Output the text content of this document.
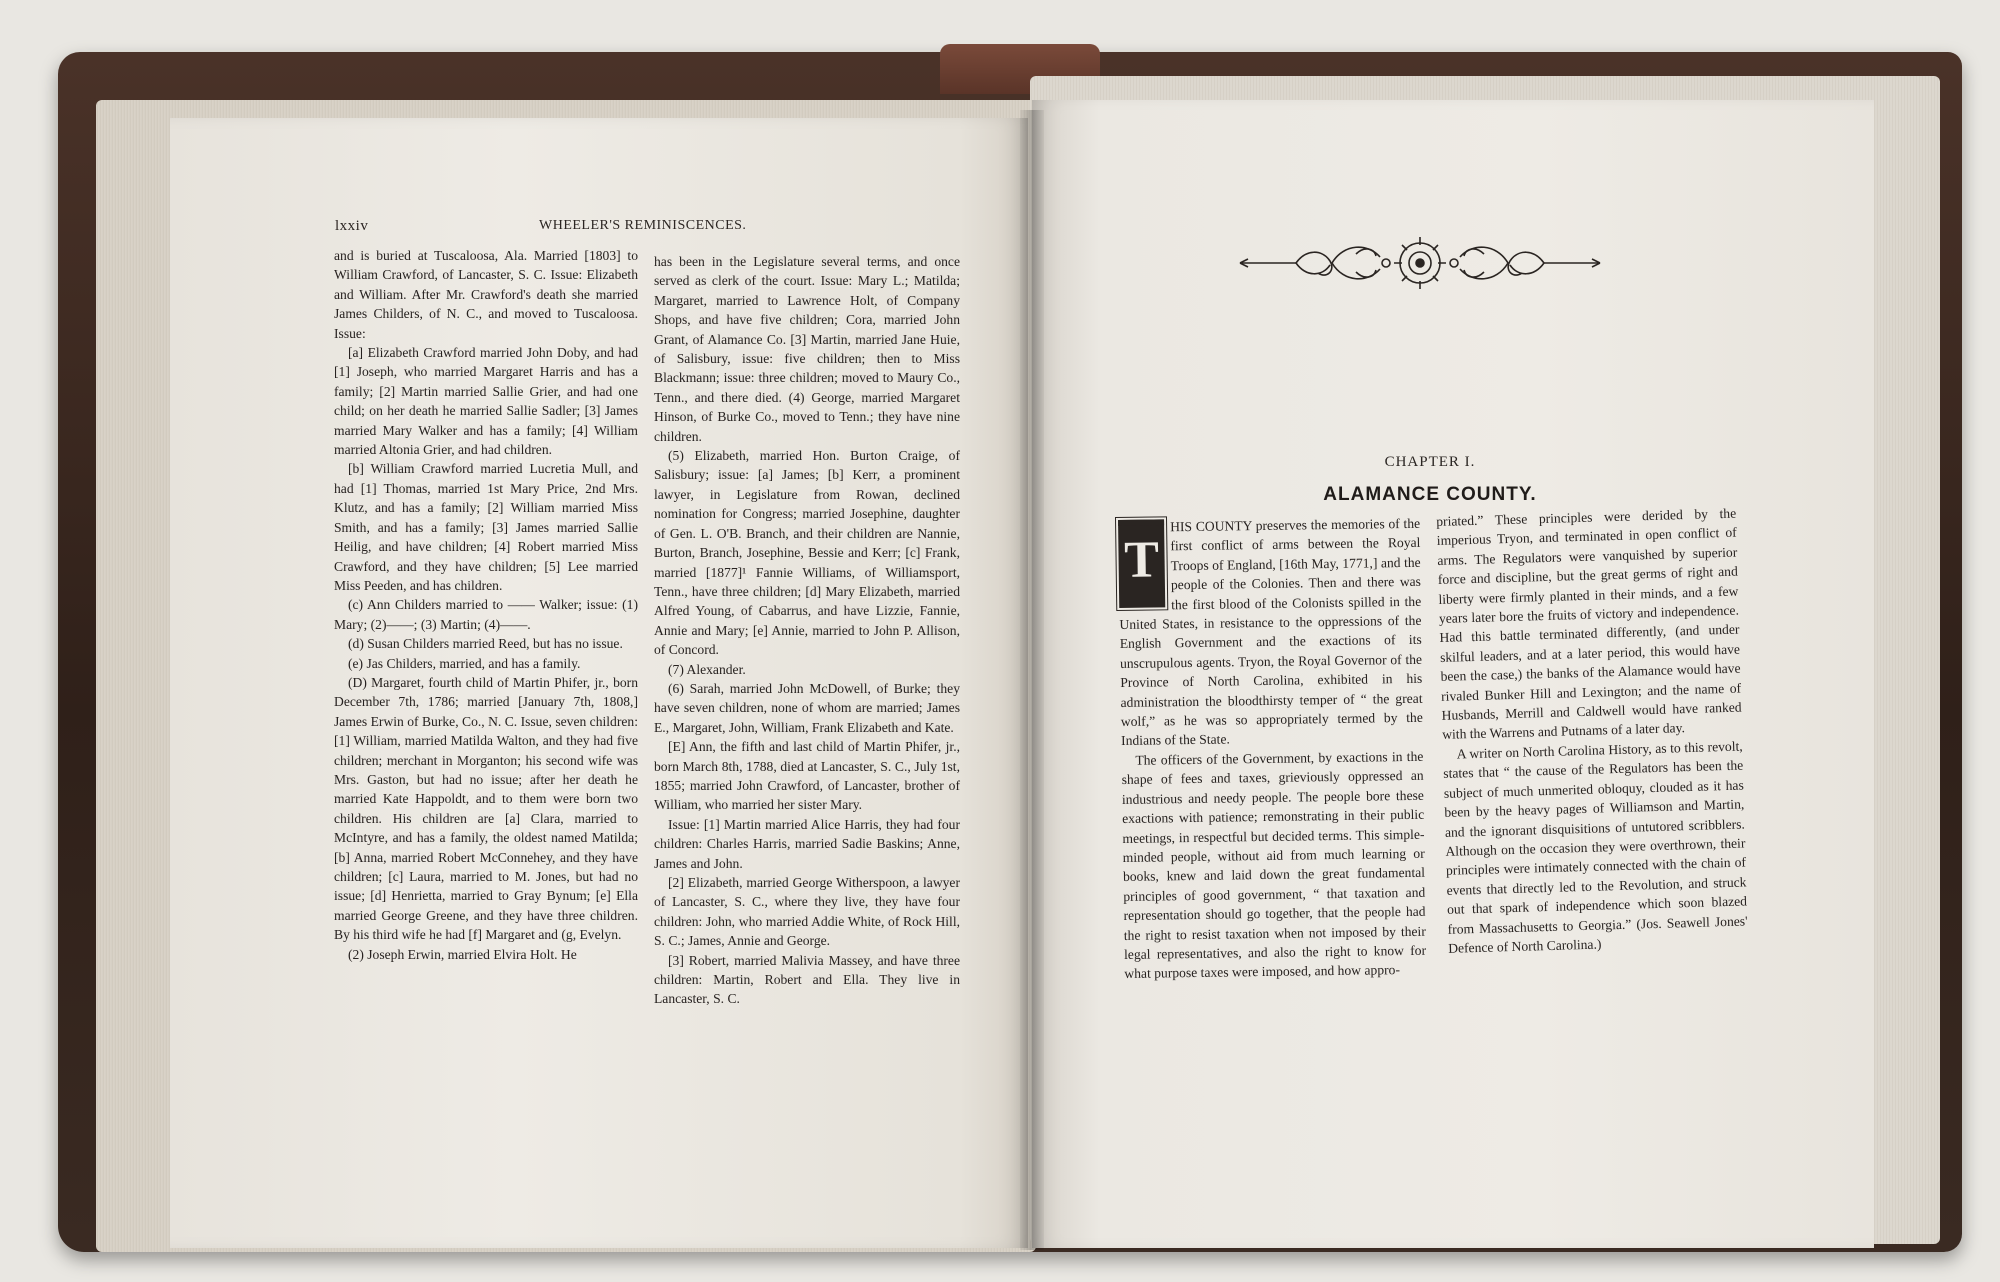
lxxiv	WHEELER'S REMINISCENCES.

and is buried at Tuscaloosa, Ala. Married [1803] to William Crawford, of Lancaster, S. C. Issue: Elizabeth and William. After Mr. Crawford's death she married James Childers, of N. C., and moved to Tuscaloosa. Issue:

[a] Elizabeth Crawford married John Doby, and had [1] Joseph, who married Margaret Harris and has a family; [2] Martin married Sallie Grier, and had one child; on her death he married Sallie Sadler; [3] James married Mary Walker and has a family; [4] William married Altonia Grier, and had children.

[b] William Crawford married Lucretia Mull, and had [1] Thomas, married 1st Mary Price, 2nd Mrs. Klutz, and has a family; [2] William married Miss Smith, and has a family; [3] James married Sallie Heilig, and have children; [4] Robert married Miss Crawford, and they have children; [5] Lee married Miss Peeden, and has children.

(c) Ann Childers married to —— Walker; issue: (1) Mary; (2)——; (3) Martin; (4)——.

(d) Susan Childers married Reed, but has no issue.

(e) Jas Childers, married, and has a family.

(D) Margaret, fourth child of Martin Phifer, jr., born December 7th, 1786; married [January 7th, 1808,] James Erwin of Burke, Co., N. C. Issue, seven children: [1] William, married Matilda Walton, and they had five children; merchant in Morganton; his second wife was Mrs. Gaston, but had no issue; after her death he married Kate Happoldt, and to them were born two children. His children are [a] Clara, married to McIntyre, and has a family, the oldest named Matilda; [b] Anna, married Robert McConnehey, and they have children; [c] Laura, married to M. Jones, but had no issue; [d] Henrietta, married to Gray Bynum; [e] Ella married George Greene, and they have three children. By his third wife he had [f] Margaret and (g, Evelyn.

(2) Joseph Erwin, married Elvira Holt. He

has been in the Legislature several terms, and once served as clerk of the court. Issue: Mary L.; Matilda; Margaret, married to Lawrence Holt, of Company Shops, and have five children; Cora, married John Grant, of Alamance Co. [3] Martin, married Jane Huie, of Salisbury, issue: five children; then to Miss Blackmann; issue: three children; moved to Maury Co., Tenn., and there died. (4) George, married Margaret Hinson, of Burke Co., moved to Tenn.; they have nine children.

(5) Elizabeth, married Hon. Burton Craige, of Salisbury; issue: [a] James; [b] Kerr, a prominent lawyer, in Legislature from Rowan, declined nomination for Congress; married Josephine, daughter of Gen. L. O'B. Branch, and their children are Nannie, Burton, Branch, Josephine, Bessie and Kerr; [c] Frank, married [1877]¹ Fannie Williams, of Williamsport, Tenn., have three children; [d] Mary Elizabeth, married Alfred Young, of Cabarrus, and have Lizzie, Fannie, Annie and Mary; [e] Annie, married to John P. Allison, of Concord.

(7) Alexander.

(6) Sarah, married John McDowell, of Burke; they have seven children, none of whom are married; James E., Margaret, John, William, Frank Elizabeth and Kate.

[E] Ann, the fifth and last child of Martin Phifer, jr., born March 8th, 1788, died at Lancaster, S. C., July 1st, 1855; married John Crawford, of Lancaster, brother of William, who married her sister Mary.

Issue: [1] Martin married Alice Harris, they had four children: Charles Harris, married Sadie Baskins; Anne, James and John.

[2] Elizabeth, married George Witherspoon, a lawyer of Lancaster, S. C., where they live, they have four children: John, who married Addie White, of Rock Hill, S. C.; James, Annie and George.

[3] Robert, married Malivia Massey, and have three children: Martin, Robert and Ella. They live in Lancaster, S. C.

CHAPTER I.
ALAMANCE COUNTY.

T
HIS COUNTY preserves the memories of the first conflict of arms between the Royal Troops of England, [16th May, 1771,] and the people of the Colonies. Then and there was the first blood of the Colonists spilled in the United States, in resistance to the oppressions of the English Government and the exactions of its unscrupulous agents. Tryon, the Royal Governor of the Province of North Carolina, exhibited in his administration the bloodthirsty temper of “ the great wolf,” as he was so appropriately termed by the Indians of the State.

The officers of the Government, by exactions in the shape of fees and taxes, grieviously oppressed an industrious and needy people. The people bore these exactions with patience; remonstrating in their public meetings, in respectful but decided terms. This simple-minded people, without aid from much learning or books, knew and laid down the great fundamental principles of good government, “ that taxation and representation should go together, that the people had the right to resist taxation when not imposed by their legal representatives, and also the right to know for what purpose taxes were imposed, and how appro-

priated.” These principles were derided by the imperious Tryon, and terminated in open conflict of arms. The Regulators were vanquished by superior force and discipline, but the great germs of right and liberty were firmly planted in their minds, and a few years later bore the fruits of victory and independence. Had this battle terminated differently, (and under skilful leaders, and at a later period, this would have been the case,) the banks of the Alamance would have rivaled Bunker Hill and Lexington; and the name of Husbands, Merrill and Caldwell would have ranked with the Warrens and Putnams of a later day.

A writer on North Carolina History, as to this revolt, states that “ the cause of the Regulators has been the subject of much unmerited obloquy, clouded as it has been by the heavy pages of Williamson and Martin, and the ignorant disquisitions of untutored scribblers. Although on the occasion they were overthrown, their principles were intimately connected with the chain of events that directly led to the Revolution, and struck out that spark of independence which soon blazed from Massachusetts to Georgia.” (Jos. Seawell Jones' Defence of North Carolina.)
